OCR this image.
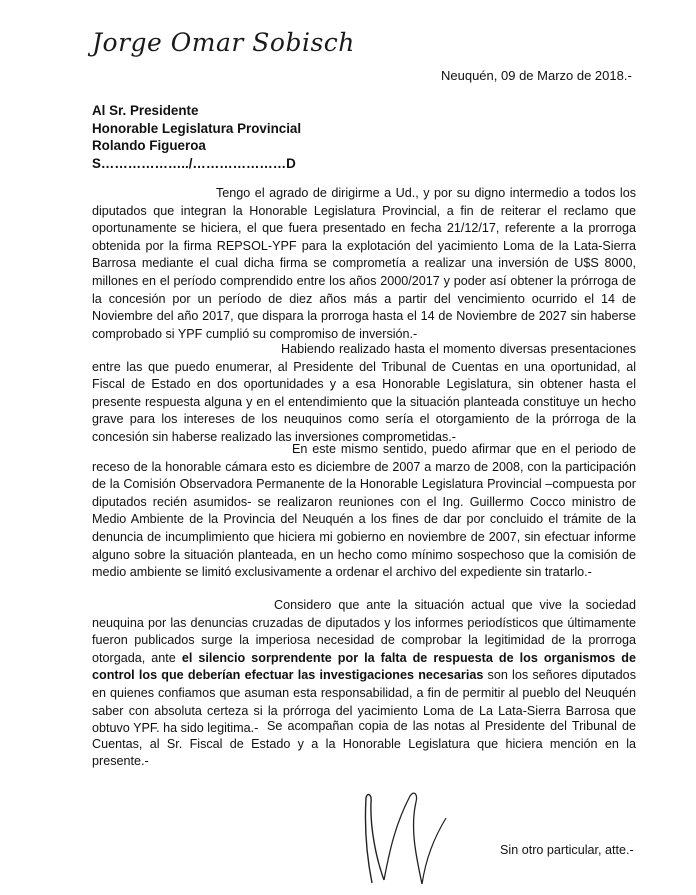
Jorge Omar Sobisch
Neuquén, 09 de Marzo de 2018.-
Al Sr. Presidente
Honorable Legislatura Provincial
Rolando Figueroa
S………………../…………………D

Tengo el agrado de dirigirme a Ud., y por su digno intermedio a todos los diputados que integran la Honorable Legislatura Provincial, a fin de reiterar el reclamo que oportunamente se hiciera, el que fuera presentado en fecha 21/12/17, referente a la prorroga obtenida por la firma REPSOL-YPF para la explotación del yacimiento Loma de la Lata-Sierra Barrosa mediante el cual dicha firma se comprometía a realizar una inversión de U$S 8000, millones en el período comprendido entre los años 2000/2017 y poder así obtener la prórroga de la concesión por un período de diez años más a partir del vencimiento ocurrido el 14 de Noviembre del año 2017, que dispara la prorroga hasta el 14 de Noviembre de 2027 sin haberse comprobado si YPF cumplió su compromiso de inversión.-

Habiendo realizado hasta el momento diversas presentaciones entre las que puedo enumerar, al Presidente del Tribunal de Cuentas en una oportunidad, al Fiscal de Estado en dos oportunidades y a esa Honorable Legislatura, sin obtener hasta el presente respuesta alguna y en el entendimiento que la situación planteada constituye un hecho grave para los intereses de los neuquinos como sería el otorgamiento de la prórroga de la concesión sin haberse realizado las inversiones comprometidas.-

En este mismo sentido, puedo afirmar que en el periodo de receso de la honorable cámara esto es diciembre de 2007 a marzo de 2008, con la participación de la Comisión Observadora Permanente de la Honorable Legislatura Provincial –compuesta por diputados recién asumidos- se realizaron reuniones con el Ing. Guillermo Cocco ministro de Medio Ambiente de la Provincia del Neuquén a los fines de dar por concluido el trámite de la denuncia de incumplimiento que hiciera mi gobierno en noviembre de 2007, sin efectuar informe alguno sobre la situación planteada, en un hecho como mínimo sospechoso que la comisión de medio ambiente se limitó exclusivamente a ordenar el archivo del expediente sin tratarlo.-

Considero que ante la situación actual que vive la sociedad neuquina por las denuncias cruzadas de diputados y los informes periodísticos que últimamente fueron publicados surge la imperiosa necesidad de comprobar la legitimidad de la prorroga otorgada, ante el silencio sorprendente por la falta de respuesta de los organismos de control los que deberían efectuar las investigaciones necesarias son los señores diputados en quienes confiamos que asuman esta responsabilidad, a fin de permitir al pueblo del Neuquén saber con absoluta certeza si la prórroga del yacimiento Loma de La Lata-Sierra Barrosa que obtuvo YPF. ha sido legitima.- Se acompañan copia de las notas al Presidente del Tribunal de Cuentas, al Sr. Fiscal de Estado y a la Honorable Legislatura que hiciera mención en la presente.-

Sin otro particular, atte.-
